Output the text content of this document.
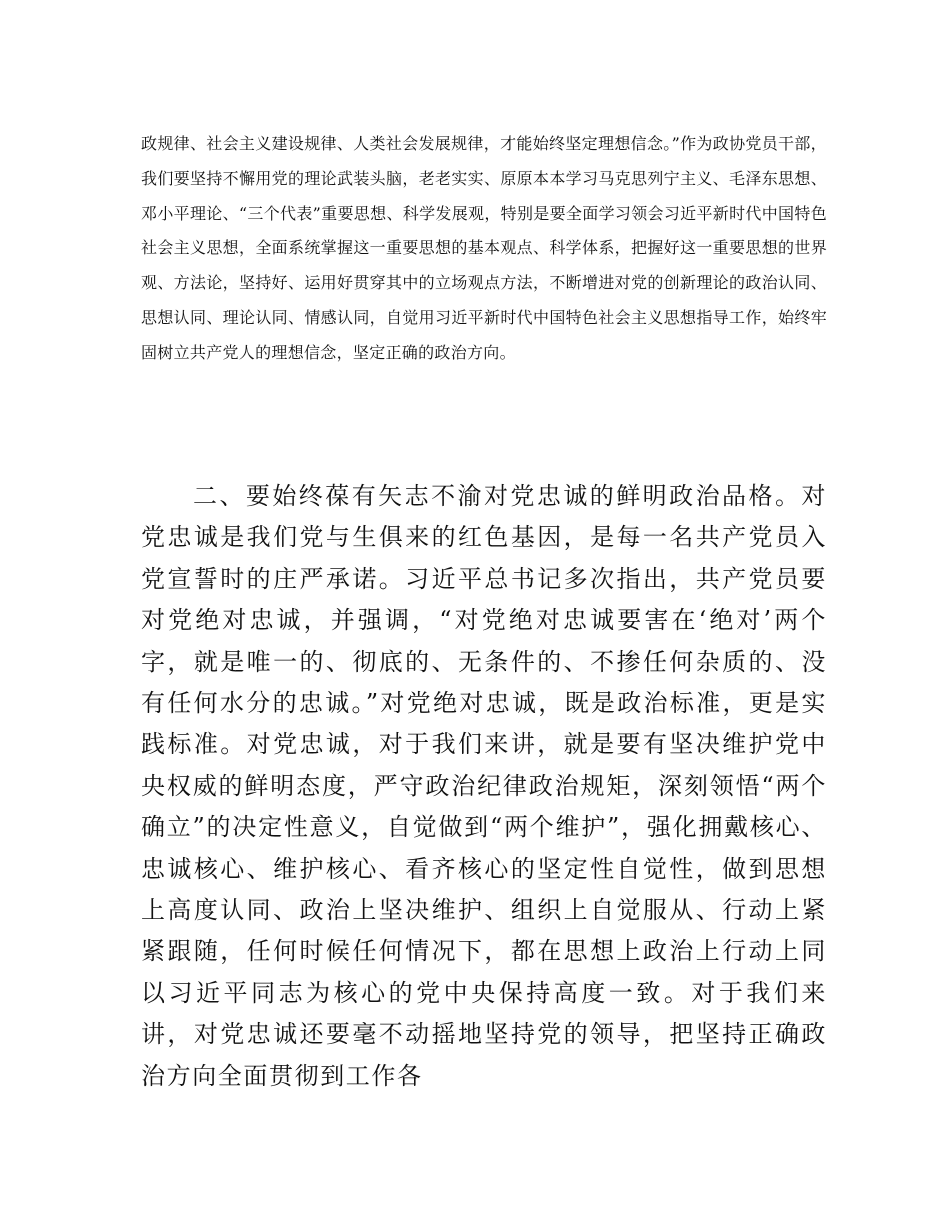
政规律、社会主义建设规律、人类社会发展规律，才能始终坚定理想信念。”作为政协党员干部，我们要坚持不懈用党的理论武装头脑，老老实实、原原本本学习马克思列宁主义、毛泽东思想、邓小平理论、“三个代表”重要思想、科学发展观，特别是要全面学习领会习近平新时代中国特色社会主义思想，全面系统掌握这一重要思想的基本观点、科学体系，把握好这一重要思想的世界观、方法论，坚持好、运用好贯穿其中的立场观点方法，不断增进对党的创新理论的政治认同、思想认同、理论认同、情感认同，自觉用习近平新时代中国特色社会主义思想指导工作，始终牢固树立共产党人的理想信念，坚定正确的政治方向。

二、要始终葆有矢志不渝对党忠诚的鲜明政治品格。对党忠诚是我们党与生俱来的红色基因，是每一名共产党员入党宣誓时的庄严承诺。习近平总书记多次指出，共产党员要对党绝对忠诚，并强调，“对党绝对忠诚要害在‘绝对’两个字，就是唯一的、彻底的、无条件的、不掺任何杂质的、没有任何水分的忠诚。”对党绝对忠诚，既是政治标准，更是实践标准。对党忠诚，对于我们来讲，就是要有坚决维护党中央权威的鲜明态度，严守政治纪律政治规矩，深刻领悟“两个确立”的决定性意义，自觉做到“两个维护”，强化拥戴核心、忠诚核心、维护核心、看齐核心的坚定性自觉性，做到思想上高度认同、政治上坚决维护、组织上自觉服从、行动上紧紧跟随，任何时候任何情况下，都在思想上政治上行动上同以习近平同志为核心的党中央保持高度一致。对于我们来讲，对党忠诚还要毫不动摇地坚持党的领导，把坚持正确政治方向全面贯彻到工作各
